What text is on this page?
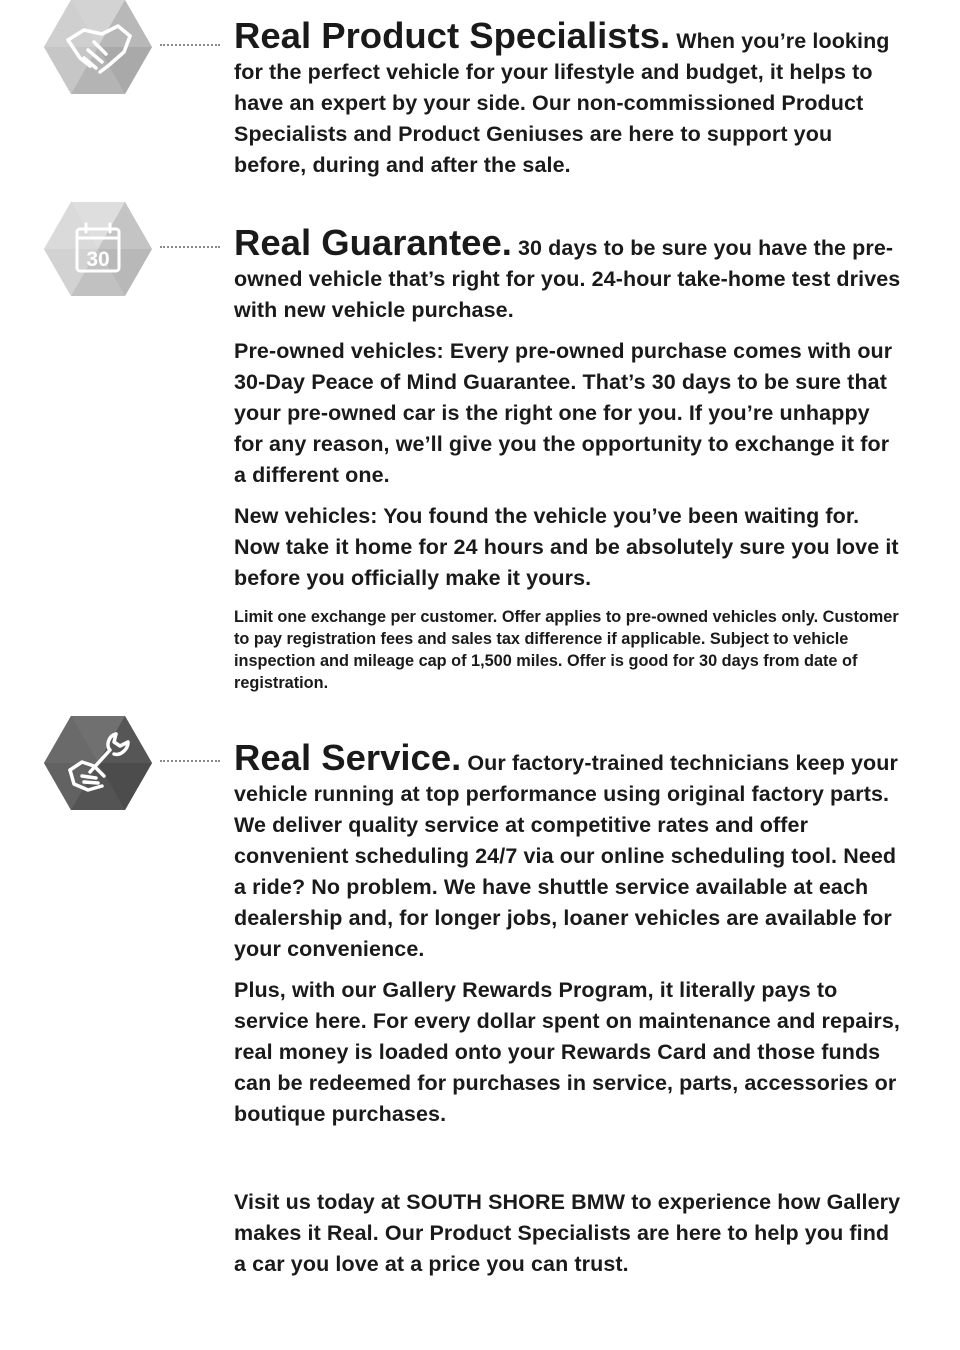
Real Product Specialists. When you’re looking for the perfect vehicle for your lifestyle and budget, it helps to have an expert by your side. Our non-commissioned Product Specialists and Product Geniuses are here to support you before, during and after the sale.

30	Real Guarantee. 30 days to be sure you have the pre-owned vehicle that’s right for you. 24-hour take-home test drives with new vehicle purchase.

Pre-owned vehicles: Every pre-owned purchase comes with our 30-Day Peace of Mind Guarantee. That’s 30 days to be sure that your pre-owned car is the right one for you. If you’re unhappy for any reason, we’ll give you the opportunity to exchange it for a different one.

New vehicles: You found the vehicle you’ve been waiting for. Now take it home for 24 hours and be absolutely sure you love it before you officially make it yours.

Limit one exchange per customer. Offer applies to pre-owned vehicles only. Customer to pay registration fees and sales tax difference if applicable. Subject to vehicle inspection and mileage cap of 1,500 miles. Offer is good for 30 days from date of registration.

Real Service. Our factory-trained technicians keep your vehicle running at top performance using original factory parts. We deliver quality service at competitive rates and offer convenient scheduling 24/7 via our online scheduling tool. Need a ride? No problem. We have shuttle service available at each dealership and, for longer jobs, loaner vehicles are available for your convenience.

Plus, with our Gallery Rewards Program, it literally pays to service here. For every dollar spent on maintenance and repairs, real money is loaded onto your Rewards Card and those funds can be redeemed for purchases in service, parts, accessories or boutique purchases.

Visit us today at SOUTH SHORE BMW to experience how Gallery makes it Real. Our Product Specialists are here to help you find a car you love at a price you can trust.
